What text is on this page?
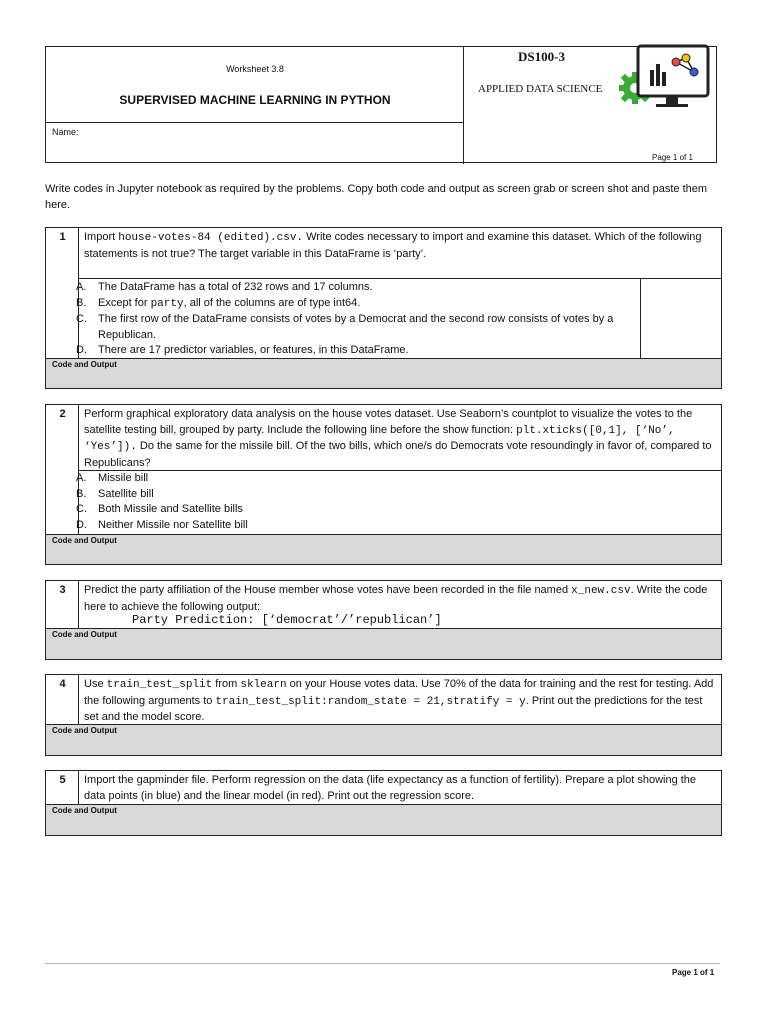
Worksheet 3.8
SUPERVISED MACHINE LEARNING IN PYTHON
Name:
DS100-3
APPLIED DATA SCIENCE
Page 1 of 1
Write codes in Jupyter notebook as required by the problems. Copy both code and output as screen grab or screen shot and paste them here.
1	Import house-votes-84 (edited).csv. Write codes necessary to import and examine this dataset. Which of the following statements is not true? The target variable in this DataFrame is ‘party’.
A. The DataFrame has a total of 232 rows and 17 columns.
B. Except for party, all of the columns are of type int64.
C. The first row of the DataFrame consists of votes by a Democrat and the second row consists of votes by a Republican.
D. There are 17 predictor variables, or features, in this DataFrame.
Code and Output
2	Perform graphical exploratory data analysis on the house votes dataset. Use Seaborn’s countplot to visualize the votes to the satellite testing bill, grouped by party. Include the following line before the show function: plt.xticks([0,1], [‘No’, ‘Yes’]). Do the same for the missile bill. Of the two bills, which one/s do Democrats vote resoundingly in favor of, compared to Republicans?
A. Missile bill
B. Satellite bill
C. Both Missile and Satellite bills
D. Neither Missile nor Satellite bill
Code and Output
3	Predict the party affiliation of the House member whose votes have been recorded in the file named x_new.csv. Write the code here to achieve the following output:
Party Prediction: [‘democrat’/’republican’]
Code and Output
4	Use train_test_split from sklearn on your House votes data. Use 70% of the data for training and the rest for testing. Add the following arguments to train_test_split:random_state = 21,stratify = y. Print out the predictions for the test set and the model score.
Code and Output
5	Import the gapminder file. Perform regression on the data (life expectancy as a function of fertility). Prepare a plot showing the data points (in blue) and the linear model (in red). Print out the regression score.
Code and Output
Page 1 of 1
